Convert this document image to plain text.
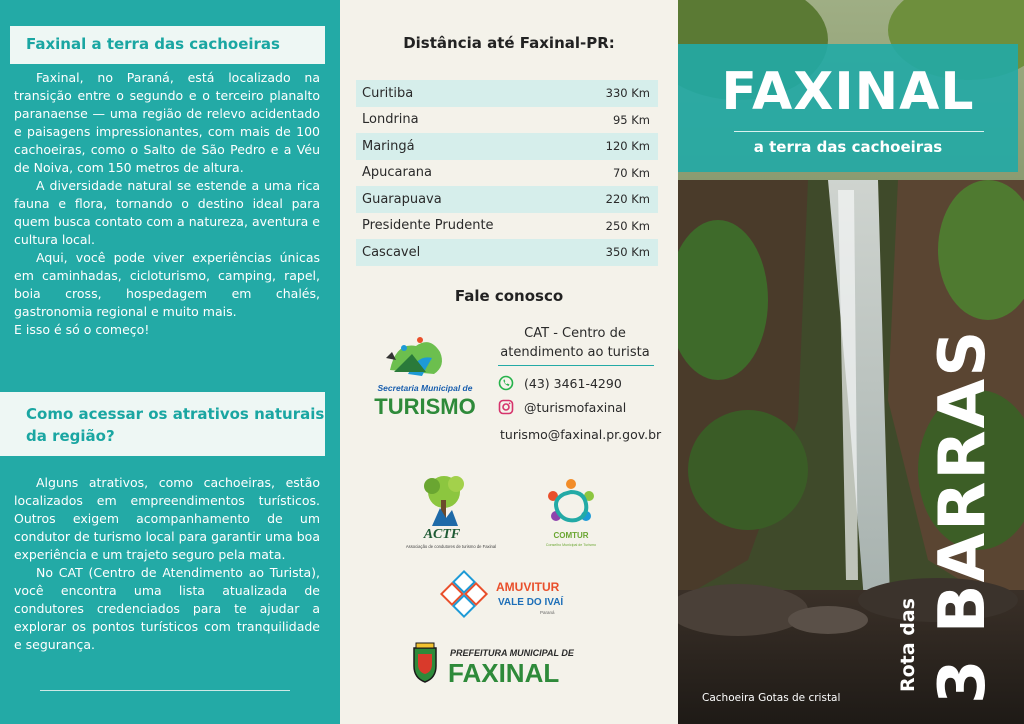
Faxinal a terra das cachoeiras

Faxinal, no Paraná, está localizado na transição entre o segundo e o terceiro planalto paranaense — uma região de relevo acidentado e paisagens impressionantes, com mais de 100 cachoeiras, como o Salto de São Pedro e a Véu de Noiva, com 150 metros de altura.

A diversidade natural se estende a uma rica fauna e flora, tornando o destino ideal para quem busca contato com a natureza, aventura e cultura local.

Aqui, você pode viver experiências únicas em caminhadas, cicloturismo, camping, rapel, boia cross, hospedagem em chalés, gastronomia regional e muito mais.

E isso é só o começo!

Como acessar os atrativos naturais da região?

Alguns atrativos, como cachoeiras, estão localizados em empreendimentos turísticos. Outros exigem acompanhamento de um condutor de turismo local para garantir uma boa experiência e um trajeto seguro pela mata.

No CAT (Centro de Atendimento ao Turista), você encontra uma lista atualizada de condutores credenciados para te ajudar a explorar os pontos turísticos com tranquilidade e segurança.

Distância até Faxinal-PR:
Curitiba	330 Km
Londrina	95 Km
Maringá	120 Km
Apucarana	70 Km
Guarapuava	220 Km
Presidente Prudente	250 Km
Cascavel	350 Km
Fale conosco
Secretaria Municipal de
TURISMO
CAT - Centro de atendimento ao turista
(43) 3461-4290
@turismofaxinal
turismo@faxinal.pr.gov.br
ACTF
Associação de condutores de turismo de Faxinal
COMTUR
Conselho Municipal de Turismo
AMUVITUR
VALE DO IVAÍ
Paraná
PREFEITURA MUNICIPAL DE
FAXINAL
FAXINAL
a terra das cachoeiras
Rota das 3 BARRAS
Cachoeira Gotas de cristal
